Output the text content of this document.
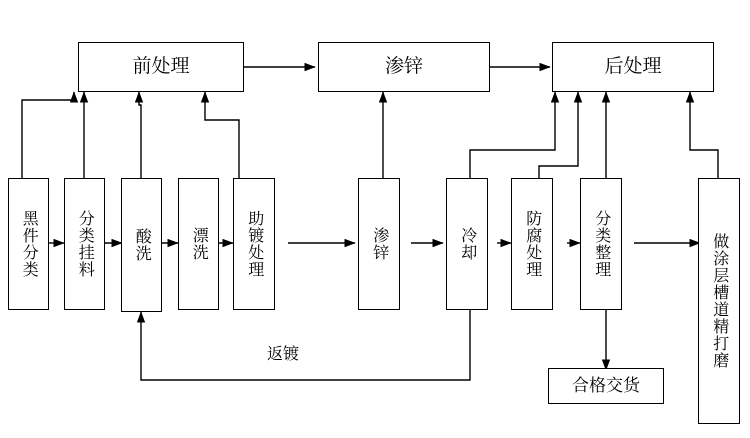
前处理	渗锌	后处理
黑件分类 分类挂料	酸洗	漂洗 助镀处理	渗锌	冷却	防腐处理	分类整理	做涂层槽道精打磨
合格交货
返镀
